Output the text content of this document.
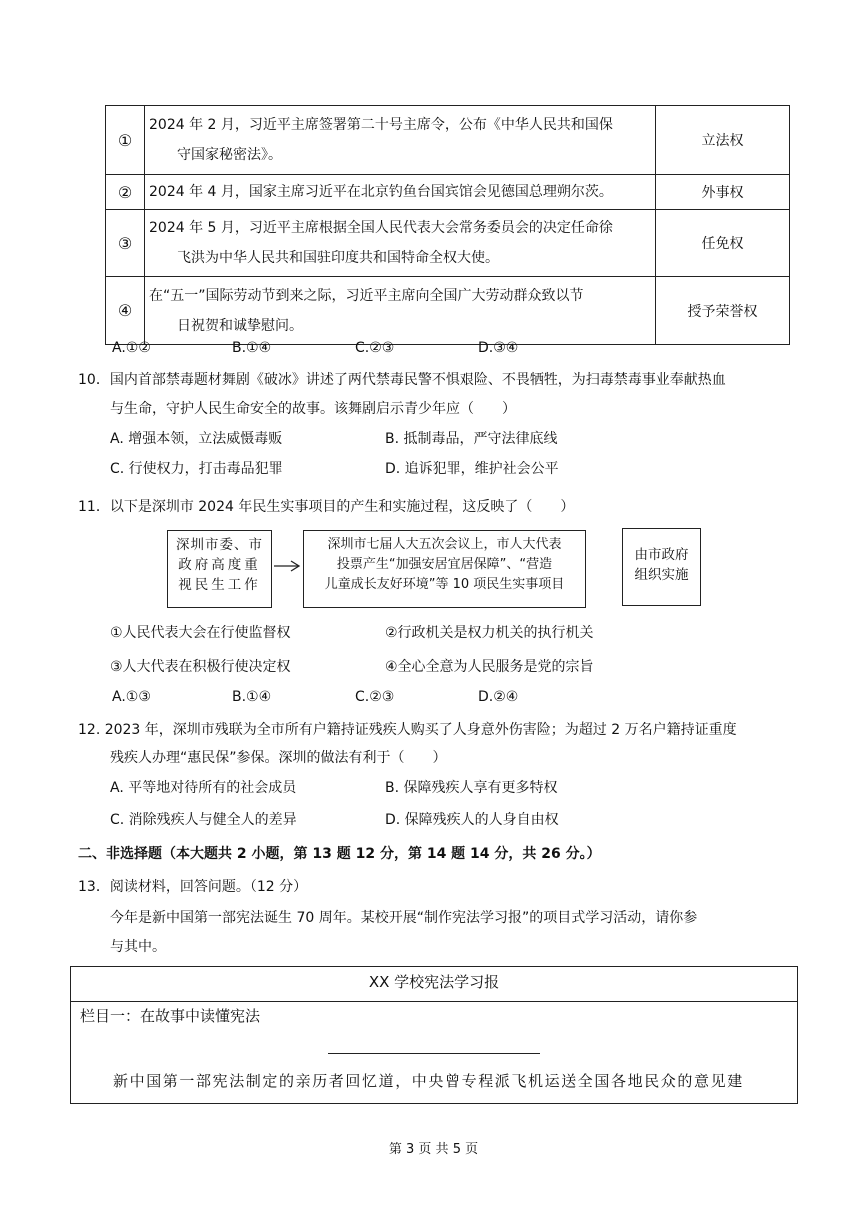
①	2024 年 2 月，习近平主席签署第二十号主席令，公布《中华人民共和国保
守国家秘密法》。	立法权
②	2024 年 4 月，国家主席习近平在北京钓鱼台国宾馆会见德国总理朔尔茨。	外事权
③	2024 年 5 月，习近平主席根据全国人民代表大会常务委员会的决定任命徐
飞洪为中华人民共和国驻印度共和国特命全权大使。	任免权
④	在“五一”国际劳动节到来之际，习近平主席向全国广大劳动群众致以节
日祝贺和诚挚慰问。	授予荣誉权
A.①②	B.①④	C.②③	D.③④
10．国内首部禁毒题材舞剧《破冰》讲述了两代禁毒民警不惧艰险、不畏牺牲，为扫毒禁毒事业奉献热血
与生命，守护人民生命安全的故事。该舞剧启示青少年应（　　）
A. 增强本领，立法威慑毒贩	B. 抵制毒品，严守法律底线
C. 行使权力，打击毒品犯罪	D. 追诉犯罪，维护社会公平
11．以下是深圳市 2024 年民生实事项目的产生和实施过程，这反映了（　　）
深圳市委、市
政府高度重
视民生工作
深圳市七届人大五次会议上，市人大代表
投票产生“加强安居宜居保障”、“营造
儿童成长友好环境”等 10 项民生实事项目
由市政府
组织实施
①人民代表大会在行使监督权	②行政机关是权力机关的执行机关
③人大代表在积极行使决定权	④全心全意为人民服务是党的宗旨
A.①③	B.①④	C.②③	D.②④
12. 2023 年，深圳市残联为全市所有户籍持证残疾人购买了人身意外伤害险；为超过 2 万名户籍持证重度
残疾人办理“惠民保”参保。深圳的做法有利于（　　）
A. 平等地对待所有的社会成员	B. 保障残疾人享有更多特权
C. 消除残疾人与健全人的差异	D. 保障残疾人的人身自由权
二、非选择题（本大题共 2 小题，第 13 题 12 分，第 14 题 14 分，共 26 分。）
13．阅读材料，回答问题。（12 分）
今年是新中国第一部宪法诞生 70 周年。某校开展“制作宪法学习报”的项目式学习活动，请你参
与其中。
XX 学校宪法学习报
栏目一：在故事中读懂宪法
新中国第一部宪法制定的亲历者回忆道，中央曾专程派飞机运送全国各地民众的意见建
第 3 页 共 5 页
